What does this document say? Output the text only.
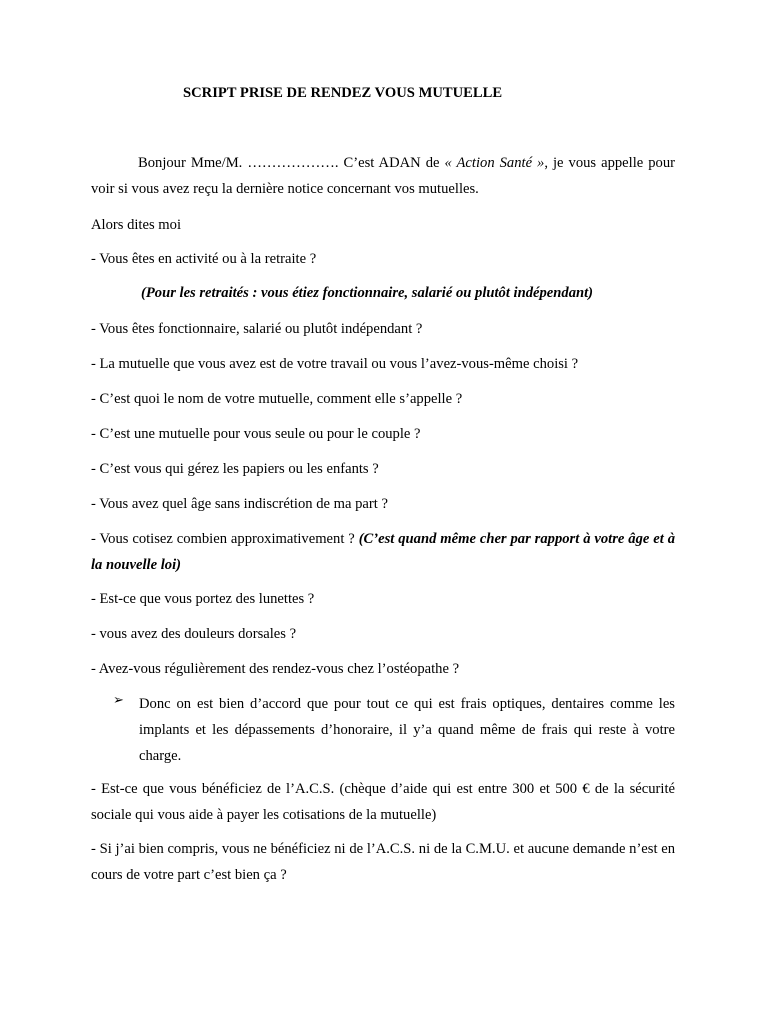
SCRIPT PRISE DE RENDEZ VOUS MUTUELLE
Bonjour Mme/M. ………………. C’est ADAN de « Action Santé », je vous appelle pour voir si vous avez reçu la dernière notice concernant vos mutuelles.
Alors dites moi
- Vous êtes en activité ou à la retraite ?
(Pour les retraités : vous étiez fonctionnaire, salarié ou plutôt indépendant)
- Vous êtes fonctionnaire, salarié ou plutôt indépendant ?
- La mutuelle que vous avez est de votre travail ou vous l’avez-vous-même choisi ?
- C’est quoi le nom de votre mutuelle, comment elle s’appelle ?
- C’est une mutuelle pour vous seule ou pour le couple ?
- C’est vous qui gérez les papiers ou les enfants ?
- Vous avez quel âge sans indiscrétion de ma part ?
- Vous cotisez combien approximativement ? (C’est quand même cher par rapport à votre âge et à la nouvelle loi)
- Est-ce que vous portez des lunettes ?
- vous avez des douleurs dorsales ?
- Avez-vous régulièrement des rendez-vous chez l’ostéopathe ?
➢ Donc on est bien d’accord que pour tout ce qui est frais optiques, dentaires comme les implants et les dépassements d’honoraire, il y’a quand même de frais qui reste à votre charge.
- Est-ce que vous bénéficiez de l’A.C.S. (chèque d’aide qui est entre 300 et 500 € de la sécurité sociale qui vous aide à payer les cotisations de la mutuelle)
- Si j’ai bien compris, vous ne bénéficiez ni de l’A.C.S. ni de la C.M.U. et aucune demande n’est en cours de votre part c’est bien ça ?
